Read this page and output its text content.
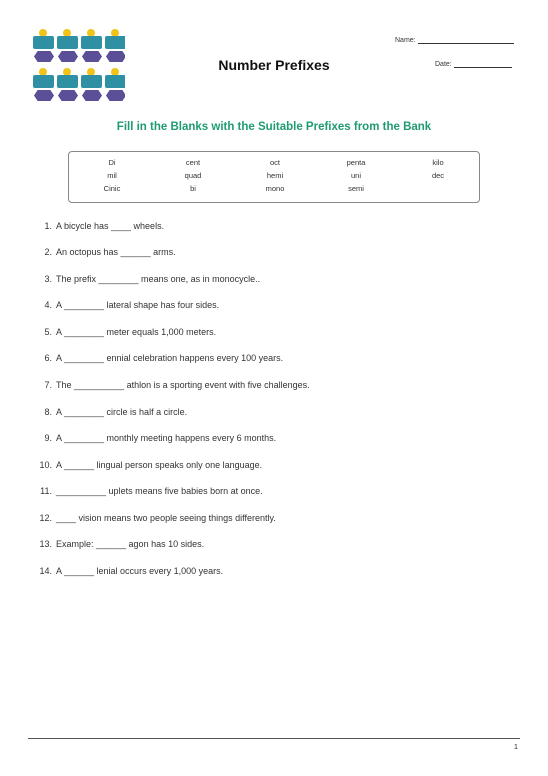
Number Prefixes
Name:
Date:
Fill in the Blanks with the Suitable Prefixes from the Bank
Di	cent	oct	penta	kilo
mil	quad	hemi	uni	dec
Cinic	bi	mono	semi
1. A bicycle has ____ wheels.
2. An octopus has ______ arms.
3. The prefix ________ means one, as in monocycle..
4. A ________ lateral shape has four sides.
5. A ________ meter equals 1,000 meters.
6. A ________ ennial celebration happens every 100 years.
7. The __________ athlon is a sporting event with five challenges.
8. A ________ circle is half a circle.
9. A ________ monthly meeting happens every 6 months.
10. A ______ lingual person speaks only one language.
11. __________ uplets means five babies born at once.
12. ____ vision means two people seeing things differently.
13. Example: ______ agon has 10 sides.
14. A ______ lenial occurs every 1,000 years.
1
